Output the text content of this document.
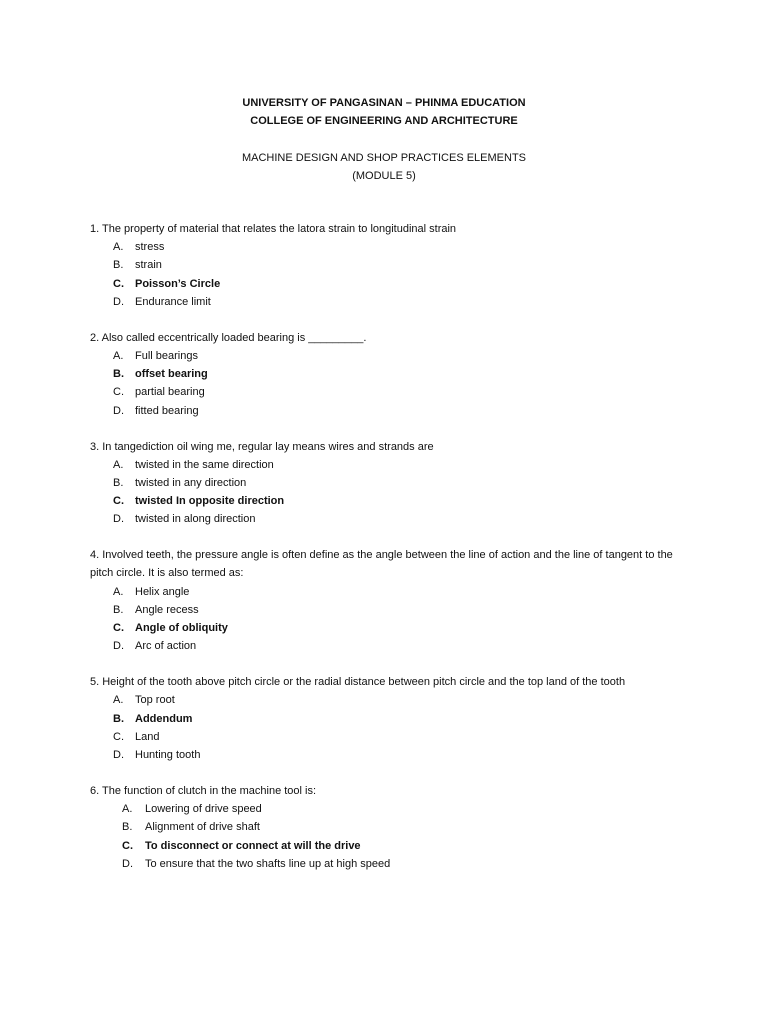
UNIVERSITY OF PANGASINAN – PHINMA EDUCATION
COLLEGE OF ENGINEERING AND ARCHITECTURE
MACHINE DESIGN AND SHOP PRACTICES ELEMENTS
(MODULE 5)
1. The property of material that relates the latora strain to longitudinal strain
A. stress
B. strain
C. Poisson’s Circle
D. Endurance limit
2. Also called eccentrically loaded bearing is _________.
A. Full bearings
B. offset bearing
C. partial bearing
D. fitted bearing
3. In tangediction oil wing me, regular lay means wires and strands are
A. twisted in the same direction
B. twisted in any direction
C. twisted In opposite direction
D. twisted in along direction
4. Involved teeth, the pressure angle is often define as the angle between the line of action and the line of tangent to the pitch circle. It is also termed as:
A. Helix angle
B. Angle recess
C. Angle of obliquity
D. Arc of action
5. Height of the tooth above pitch circle or the radial distance between pitch circle and the top land of the tooth
A. Top root
B. Addendum
C. Land
D. Hunting tooth
6. The function of clutch in the machine tool is:
A. Lowering of drive speed
B. Alignment of drive shaft
C. To disconnect or connect at will the drive
D. To ensure that the two shafts line up at high speed
